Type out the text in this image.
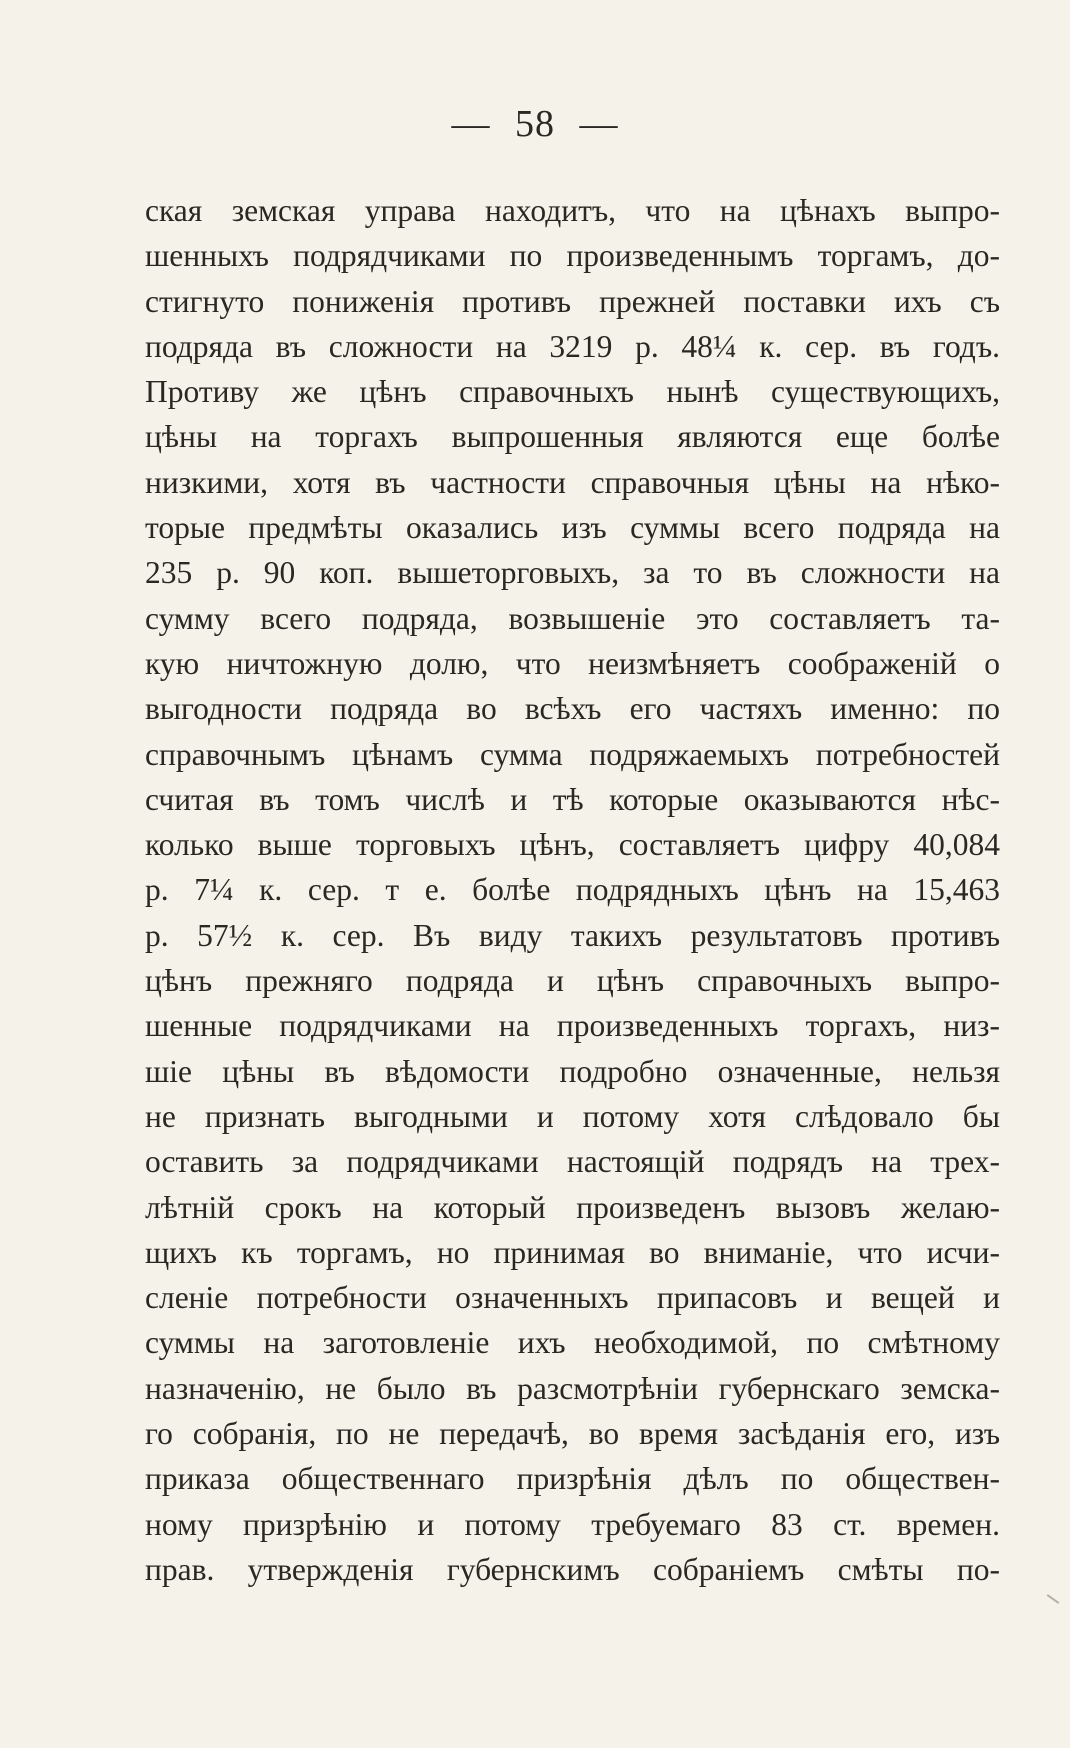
— 58 —
ская земская управа находитъ, что на цѣнахъ выпро-
шенныхъ подрядчиками по произведеннымъ торгамъ, до-
стигнуто пониженія противъ прежней поставки ихъ съ
подряда въ сложности на 3219 р. 48¼ к. сер. въ годъ.
Противу же цѣнъ справочныхъ нынѣ существующихъ,
цѣны на торгахъ выпрошенныя являются еще болѣе
низкими, хотя въ частности справочныя цѣны на нѣко-
торые предмѣты оказались изъ суммы всего подряда на
235 р. 90 коп. вышеторговыхъ, за то въ сложности на
сумму всего подряда, возвышеніе это составляетъ та-
кую ничтожную долю, что неизмѣняетъ соображеній о
выгодности подряда во всѣхъ его частяхъ именно: по
справочнымъ цѣнамъ сумма подряжаемыхъ потребностей
считая въ томъ числѣ и тѣ которые оказываются нѣс-
колько выше торговыхъ цѣнъ, составляетъ цифру 40,084
р. 7¼ к. сер. т е. болѣе подрядныхъ цѣнъ на 15,463
р. 57½ к. сер. Въ виду такихъ результатовъ противъ
цѣнъ прежняго подряда и цѣнъ справочныхъ выпро-
шенные подрядчиками на произведенныхъ торгахъ, низ-
шіе цѣны въ вѣдомости подробно означенные, нельзя
не признать выгодными и потому хотя слѣдовало бы
оставить за подрядчиками настоящій подрядъ на трех-
лѣтній срокъ на который произведенъ вызовъ желаю-
щихъ къ торгамъ, но принимая во вниманіе, что исчи-
сленіе потребности означенныхъ припасовъ и вещей и
суммы на заготовленіе ихъ необходимой, по смѣтному
назначенію, не было въ разсмотрѣніи губернскаго земска-
го собранія, по не передачѣ, во время засѣданія его, изъ
приказа общественнаго призрѣнія дѣлъ по обществен-
ному призрѣнію и потому требуемаго 83 ст. времен.
прав. утвержденія губернскимъ собраніемъ смѣты по-
